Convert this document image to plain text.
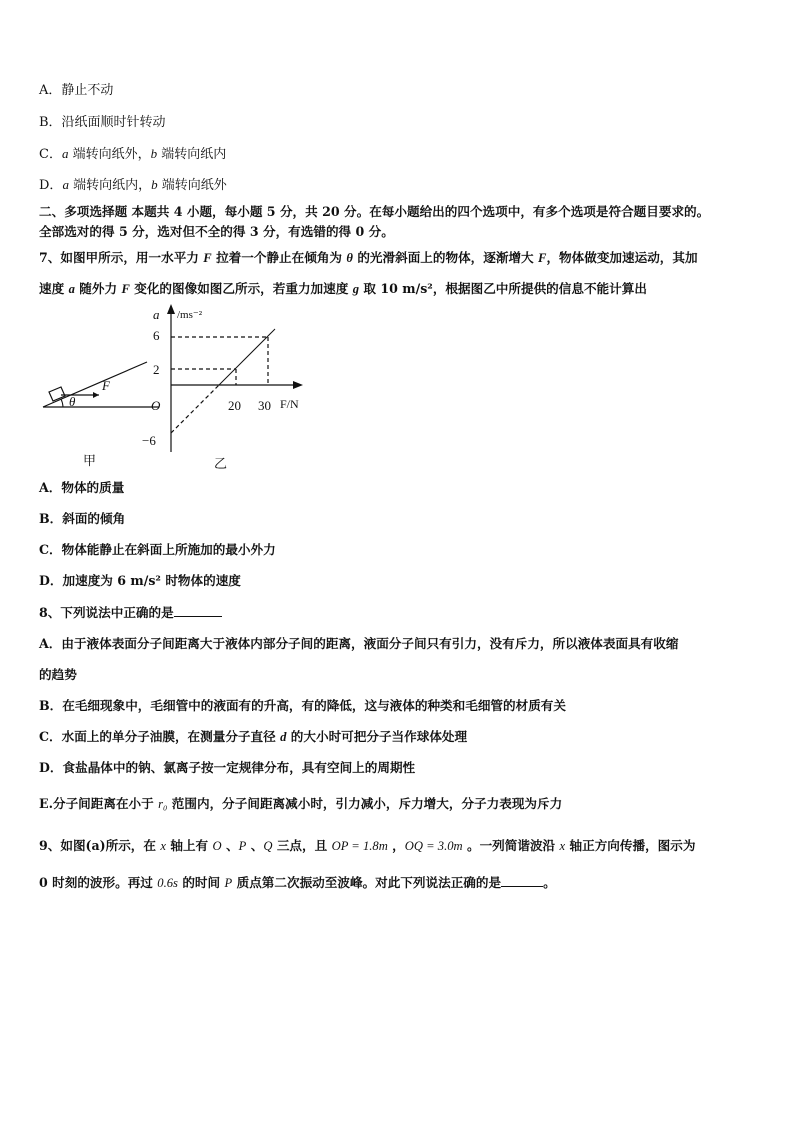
A．静止不动
B．沿纸面顺时针转动
C．a 端转向纸外，b 端转向纸内
D．a 端转向纸内，b 端转向纸外
二、多项选择题 本题共 4 小题，每小题 5 分，共 20 分。在每小题给出的四个选项中，有多个选项是符合题目要求的。
全部选对的得 5 分，选对但不全的得 3 分，有选错的得 0 分。
7、如图甲所示，用一水平力 F 拉着一个静止在倾角为 θ 的光滑斜面上的物体，逐渐增大 F，物体做变加速运动，其加
速度 a 随外力 F 变化的图像如图乙所示，若重力加速度 g 取 10 m/s²，根据图乙中所提供的信息不能计算出
F
θ
a /ms⁻²
F/N
O
6
2
−6
20 30
甲	乙
A．物体的质量
B．斜面的倾角
C．物体能静止在斜面上所施加的最小外力
D．加速度为 6 m/s² 时物体的速度
8、下列说法中正确的是
A．由于液体表面分子间距离大于液体内部分子间的距离，液面分子间只有引力，没有斥力，所以液体表面具有收缩
的趋势
B．在毛细现象中，毛细管中的液面有的升高，有的降低，这与液体的种类和毛细管的材质有关
C．水面上的单分子油膜，在测量分子直径 d 的大小时可把分子当作球体处理
D．食盐晶体中的钠、氯离子按一定规律分布，具有空间上的周期性
E.分子间距离在小于 r₀ 范围内，分子间距离减小时，引力减小，斥力增大，分子力表现为斥力
9、如图(a)所示，在 x 轴上有 O 、P 、Q 三点，且 OP = 1.8m ，OQ = 3.0m 。一列简谐波沿 x 轴正方向传播，图示为
0 时刻的波形。再过 0.6s 的时间 P 质点第二次振动至波峰。对此下列说法正确的是	。
